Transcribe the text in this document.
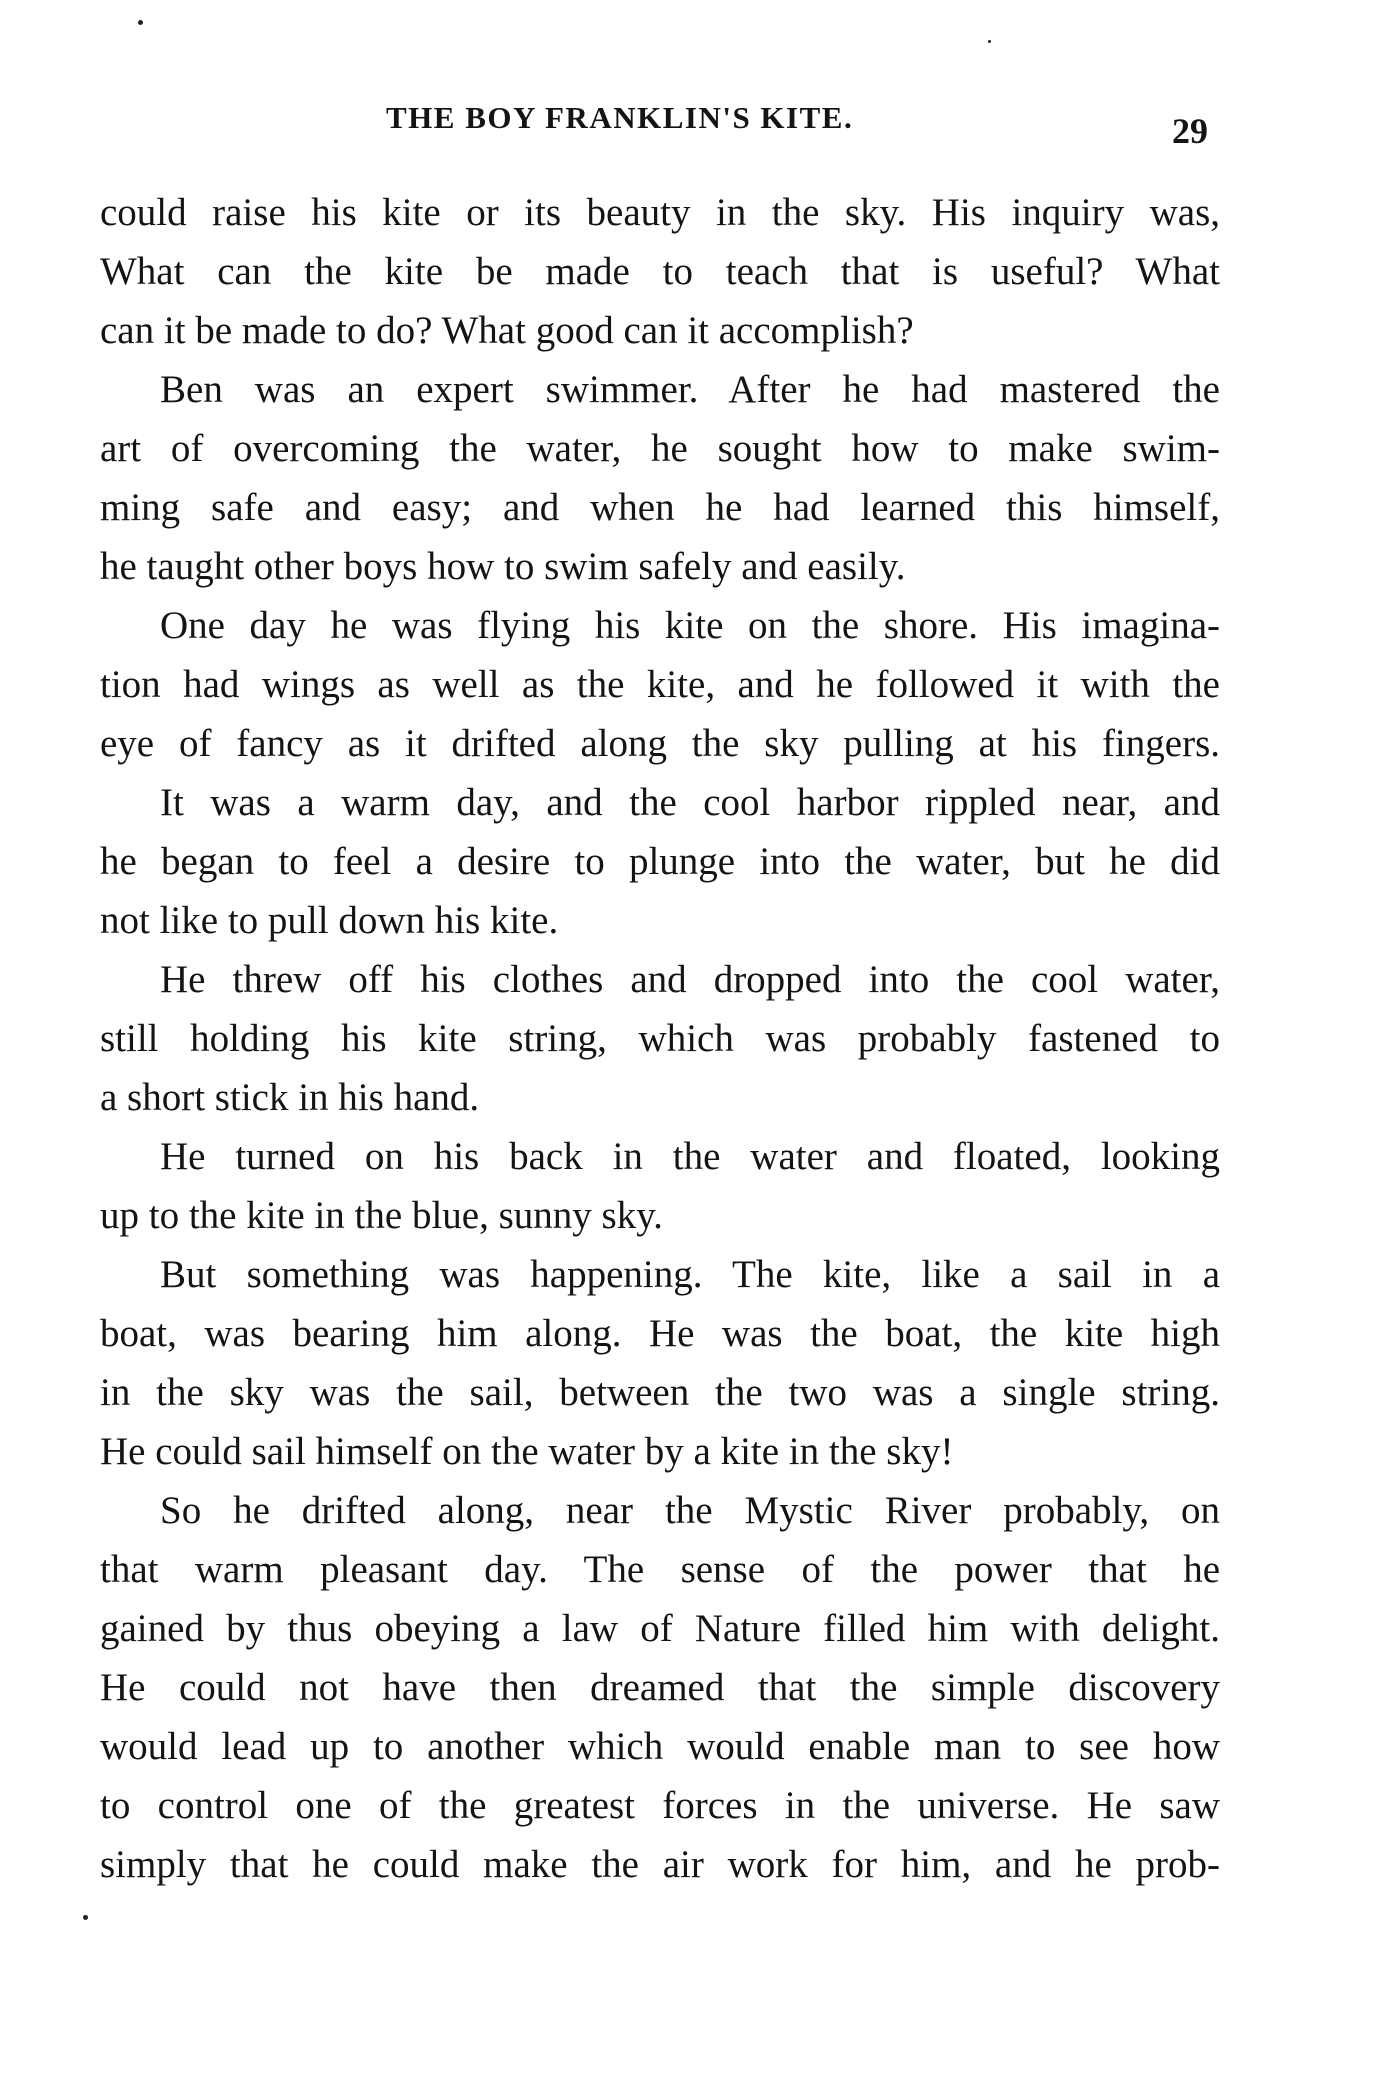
THE BOY FRANKLIN'S KITE.	29
could raise his kite or its beauty in the sky. His inquiry was,
What can the kite be made to teach that is useful? What
can it be made to do? What good can it accomplish?
Ben was an expert swimmer. After he had mastered the
art of overcoming the water, he sought how to make swim-
ming safe and easy; and when he had learned this himself,
he taught other boys how to swim safely and easily.
One day he was flying his kite on the shore. His imagina-
tion had wings as well as the kite, and he followed it with the
eye of fancy as it drifted along the sky pulling at his fingers.
It was a warm day, and the cool harbor rippled near, and
he began to feel a desire to plunge into the water, but he did
not like to pull down his kite.
He threw off his clothes and dropped into the cool water,
still holding his kite string, which was probably fastened to
a short stick in his hand.
He turned on his back in the water and floated, looking
up to the kite in the blue, sunny sky.
But something was happening. The kite, like a sail in a
boat, was bearing him along. He was the boat, the kite high
in the sky was the sail, between the two was a single string.
He could sail himself on the water by a kite in the sky!
So he drifted along, near the Mystic River probably, on
that warm pleasant day. The sense of the power that he
gained by thus obeying a law of Nature filled him with delight.
He could not have then dreamed that the simple discovery
would lead up to another which would enable man to see how
to control one of the greatest forces in the universe. He saw
simply that he could make the air work for him, and he prob-
